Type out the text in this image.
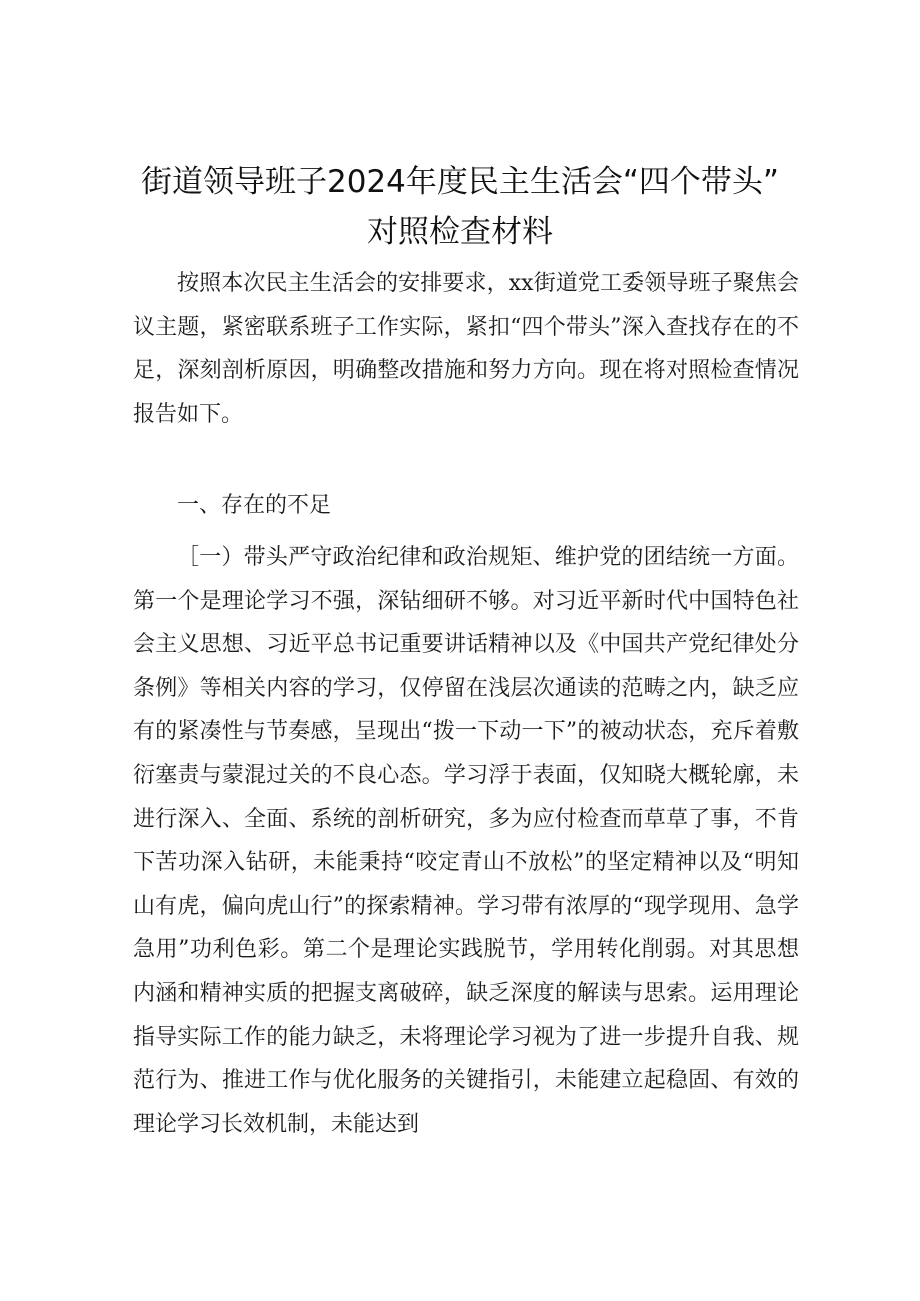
街道领导班子2024年度民主生活会“四个带头”
对照检查材料
按照本次民主生活会的安排要求，xx街道党工委领导班子聚焦会议主题，紧密联系班子工作实际，紧扣“四个带头”深入查找存在的不足，深刻剖析原因，明确整改措施和努力方向。现在将对照检查情况报告如下。
一、存在的不足
［一）带头严守政治纪律和政治规矩、维护党的团结统一方面。第一个是理论学习不强，深钻细研不够。对习近平新时代中国特色社会主义思想、习近平总书记重要讲话精神以及《中国共产党纪律处分条例》等相关内容的学习，仅停留在浅层次通读的范畴之内，缺乏应有的紧凑性与节奏感，呈现出“拨一下动一下”的被动状态，充斥着敷衍塞责与蒙混过关的不良心态。学习浮于表面，仅知晓大概轮廓，未进行深入、全面、系统的剖析研究，多为应付检查而草草了事，不肯下苦功深入钻研，未能秉持“咬定青山不放松”的坚定精神以及“明知山有虎，偏向虎山行”的探索精神。学习带有浓厚的“现学现用、急学急用”功利色彩。第二个是理论实践脱节，学用转化削弱。对其思想内涵和精神实质的把握支离破碎，缺乏深度的解读与思索。运用理论指导实际工作的能力缺乏，未将理论学习视为了进一步提升自我、规范行为、推进工作与优化服务的关键指引，未能建立起稳固、有效的理论学习长效机制，未能达到
